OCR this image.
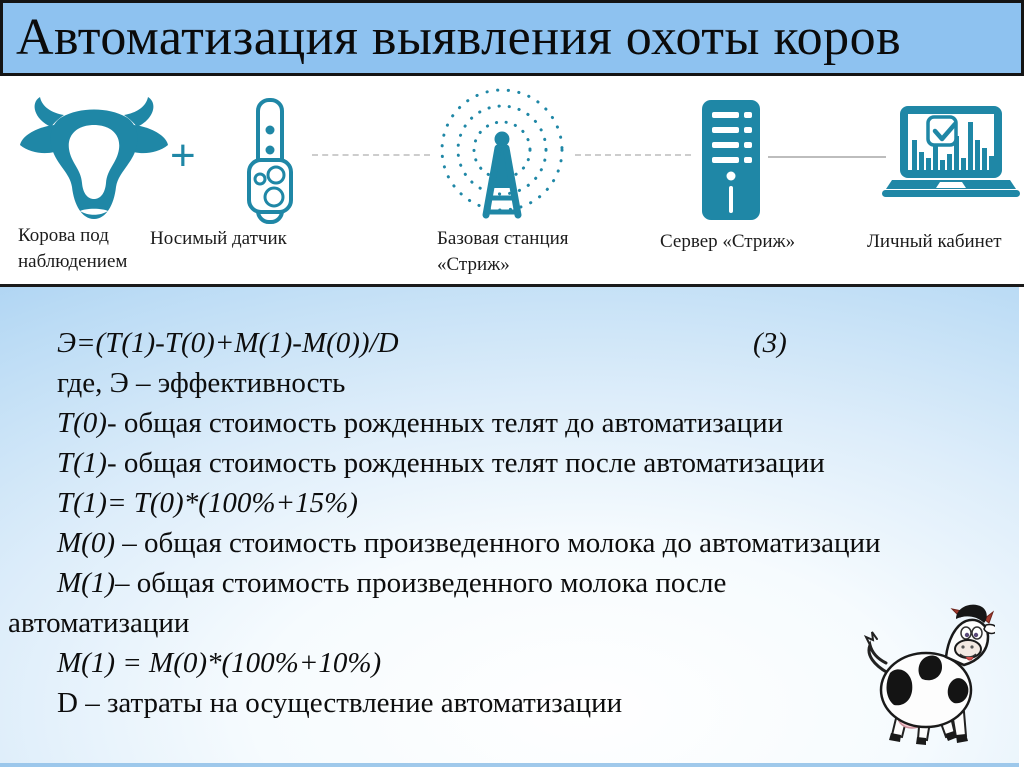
Автоматизация выявления охоты коров
+
Корова под
наблюдением
Носимый датчик	Базовая станция
«Стриж»
Сервер «Стриж»	Личный кабинет
Э=(Т(1)-Т(0)+М(1)-М(0))/D	(3)
где, Э – эффективность
Т(0)- общая стоимость рожденных телят до автоматизации
Т(1)- общая стоимость рожденных телят после автоматизации
Т(1)= Т(0)*(100%+15%)
М(0) – общая стоимость произведенного молока до автоматизации
М(1)– общая стоимость произведенного молока после
автоматизации
М(1) = М(0)*(100%+10%)
D – затраты на осуществление автоматизации
